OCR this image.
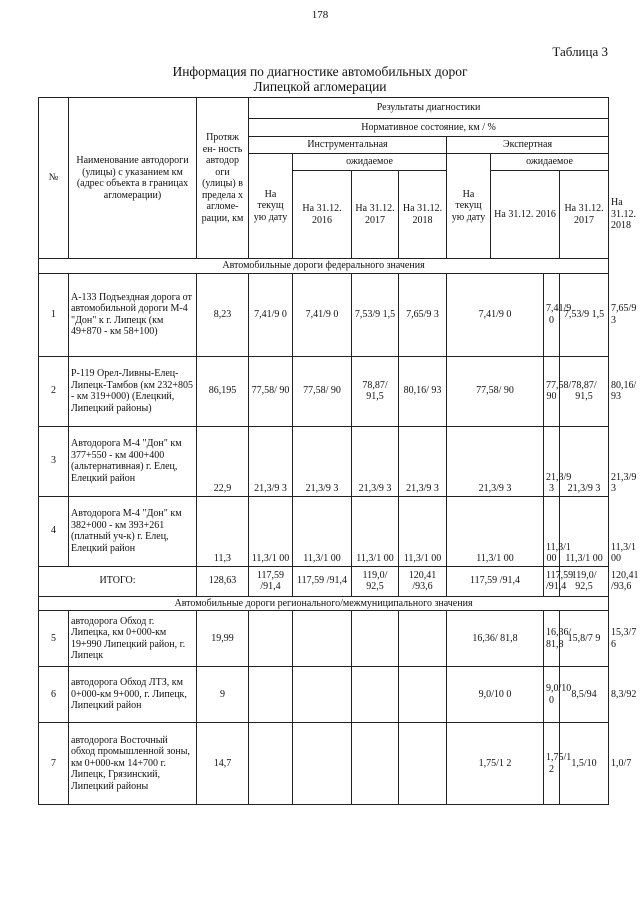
178
Таблица 3
Информация по диагностике автомобильных дорог
Липецкой агломерации
№	Наименование автодороги (улицы) с указанием км (адрес объекта в границах агломерации)	Протяж ен- ность автодор оги (улицы) в предела х агломе- рации, км	Результаты диагностики								
			Нормативное состояние, км / %								
			Инструментальная				Экспертная				
			На текущ ую дату	ожидаемое			На текущ ую дату	ожидаемое			
				На 31.12. 2016	На 31.12. 2017	На 31.12. 2018		На 31.12. 2016		На 31.12. 2017	На 31.12. 2018
Автомобильные дороги федерального значения											
1	А-133 Подъездная дорога от автомобильной дороги М-4 "Дон" к г. Липецк (км 49+870 - км 58+100)	8,23	7,41/9 0	7,41/9 0	7,53/9 1,5	7,65/9 3	7,41/9 0		7,41/9 0	7,53/9 1,5	7,65/9 3
2	Р-119 Орел-Ливны-Елец-Липецк-Тамбов (км 232+805 - км 319+000) (Елецкий, Липецкий районы)	86,195	77,58/ 90	77,58/ 90	78,87/ 91,5	80,16/ 93	77,58/ 90		77,58/ 90	78,87/ 91,5	80,16/ 93
3	Автодорога М-4 "Дон" км 377+550 - км 400+400 (альтернативная) г. Елец, Елецкий район	22,9	21,3/9 3	21,3/9 3	21,3/9 3	21,3/9 3	21,3/9 3		21,3/9 3	21,3/9 3	21,3/9 3
4	Автодорога М-4 "Дон" км 382+000 - км 393+261 (платный уч-к) г. Елец, Елецкий район	11,3	11,3/1 00	11,3/1 00	11,3/1 00	11,3/1 00	11,3/1 00		11,3/1 00	11,3/1 00	11,3/1 00
ИТОГО:		128,63	117,59 /91,4	117,59 /91,4	119,0/ 92,5	120,41 /93,6	117,59 /91,4		117,59 /91,4	119,0/ 92,5	120,41 /93,6
Автомобильные дороги регионального/межмуниципального значения											
5	автодорога Обход г. Липецка, км 0+000-км 19+990 Липецкий район, г. Липецк	19,99					16,36/ 81,8		16,36/ 81,8	15,8/7 9	15,3/7 6
6	автодорога Обход ЛТЗ, км 0+000-км 9+000, г. Липецк, Липецкий район	9					9,0/10 0		9,0/10 0	8,5/94	8,3/92
7	автодорога Восточный обход промышленной зоны, км 0+000-км 14+700 г. Липецк, Грязинский, Липецкий районы	14,7					1,75/1 2		1,75/1 2	1,5/10	1,0/7
